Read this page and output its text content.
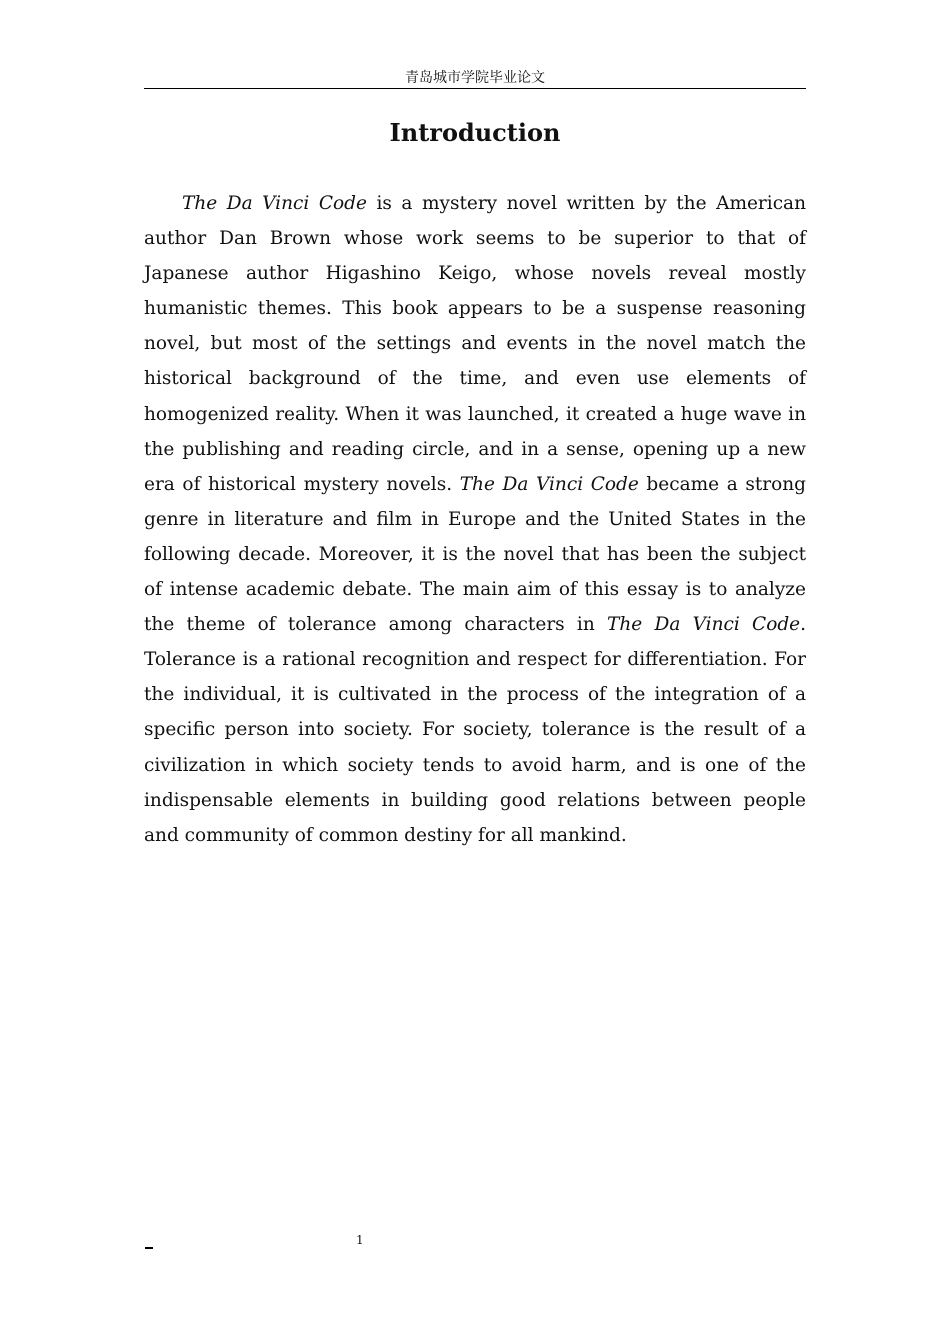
青岛城市学院毕业论文
Introduction

The Da Vinci Code is a mystery novel written by the American author Dan Brown whose work seems to be superior to that of Japanese author Higashino Keigo, whose novels reveal mostly humanistic themes. This book appears to be a suspense reasoning novel, but most of the settings and events in the novel match the historical background of the time, and even use elements of homogenized reality. When it was launched, it created a huge wave in the publishing and reading circle, and in a sense, opening up a new era of historical mystery novels. The Da Vinci Code became a strong genre in literature and film in Europe and the United States in the following decade. Moreover, it is the novel that has been the subject of intense academic debate. The main aim of this essay is to analyze the theme of tolerance among characters in The Da Vinci Code. Tolerance is a rational recognition and respect for differentiation. For the individual, it is cultivated in the process of the integration of a specific person into society. For society, tolerance is the result of a civilization in which society tends to avoid harm, and is one of the indispensable elements in building good relations between people and community of common destiny for all mankind.

1
